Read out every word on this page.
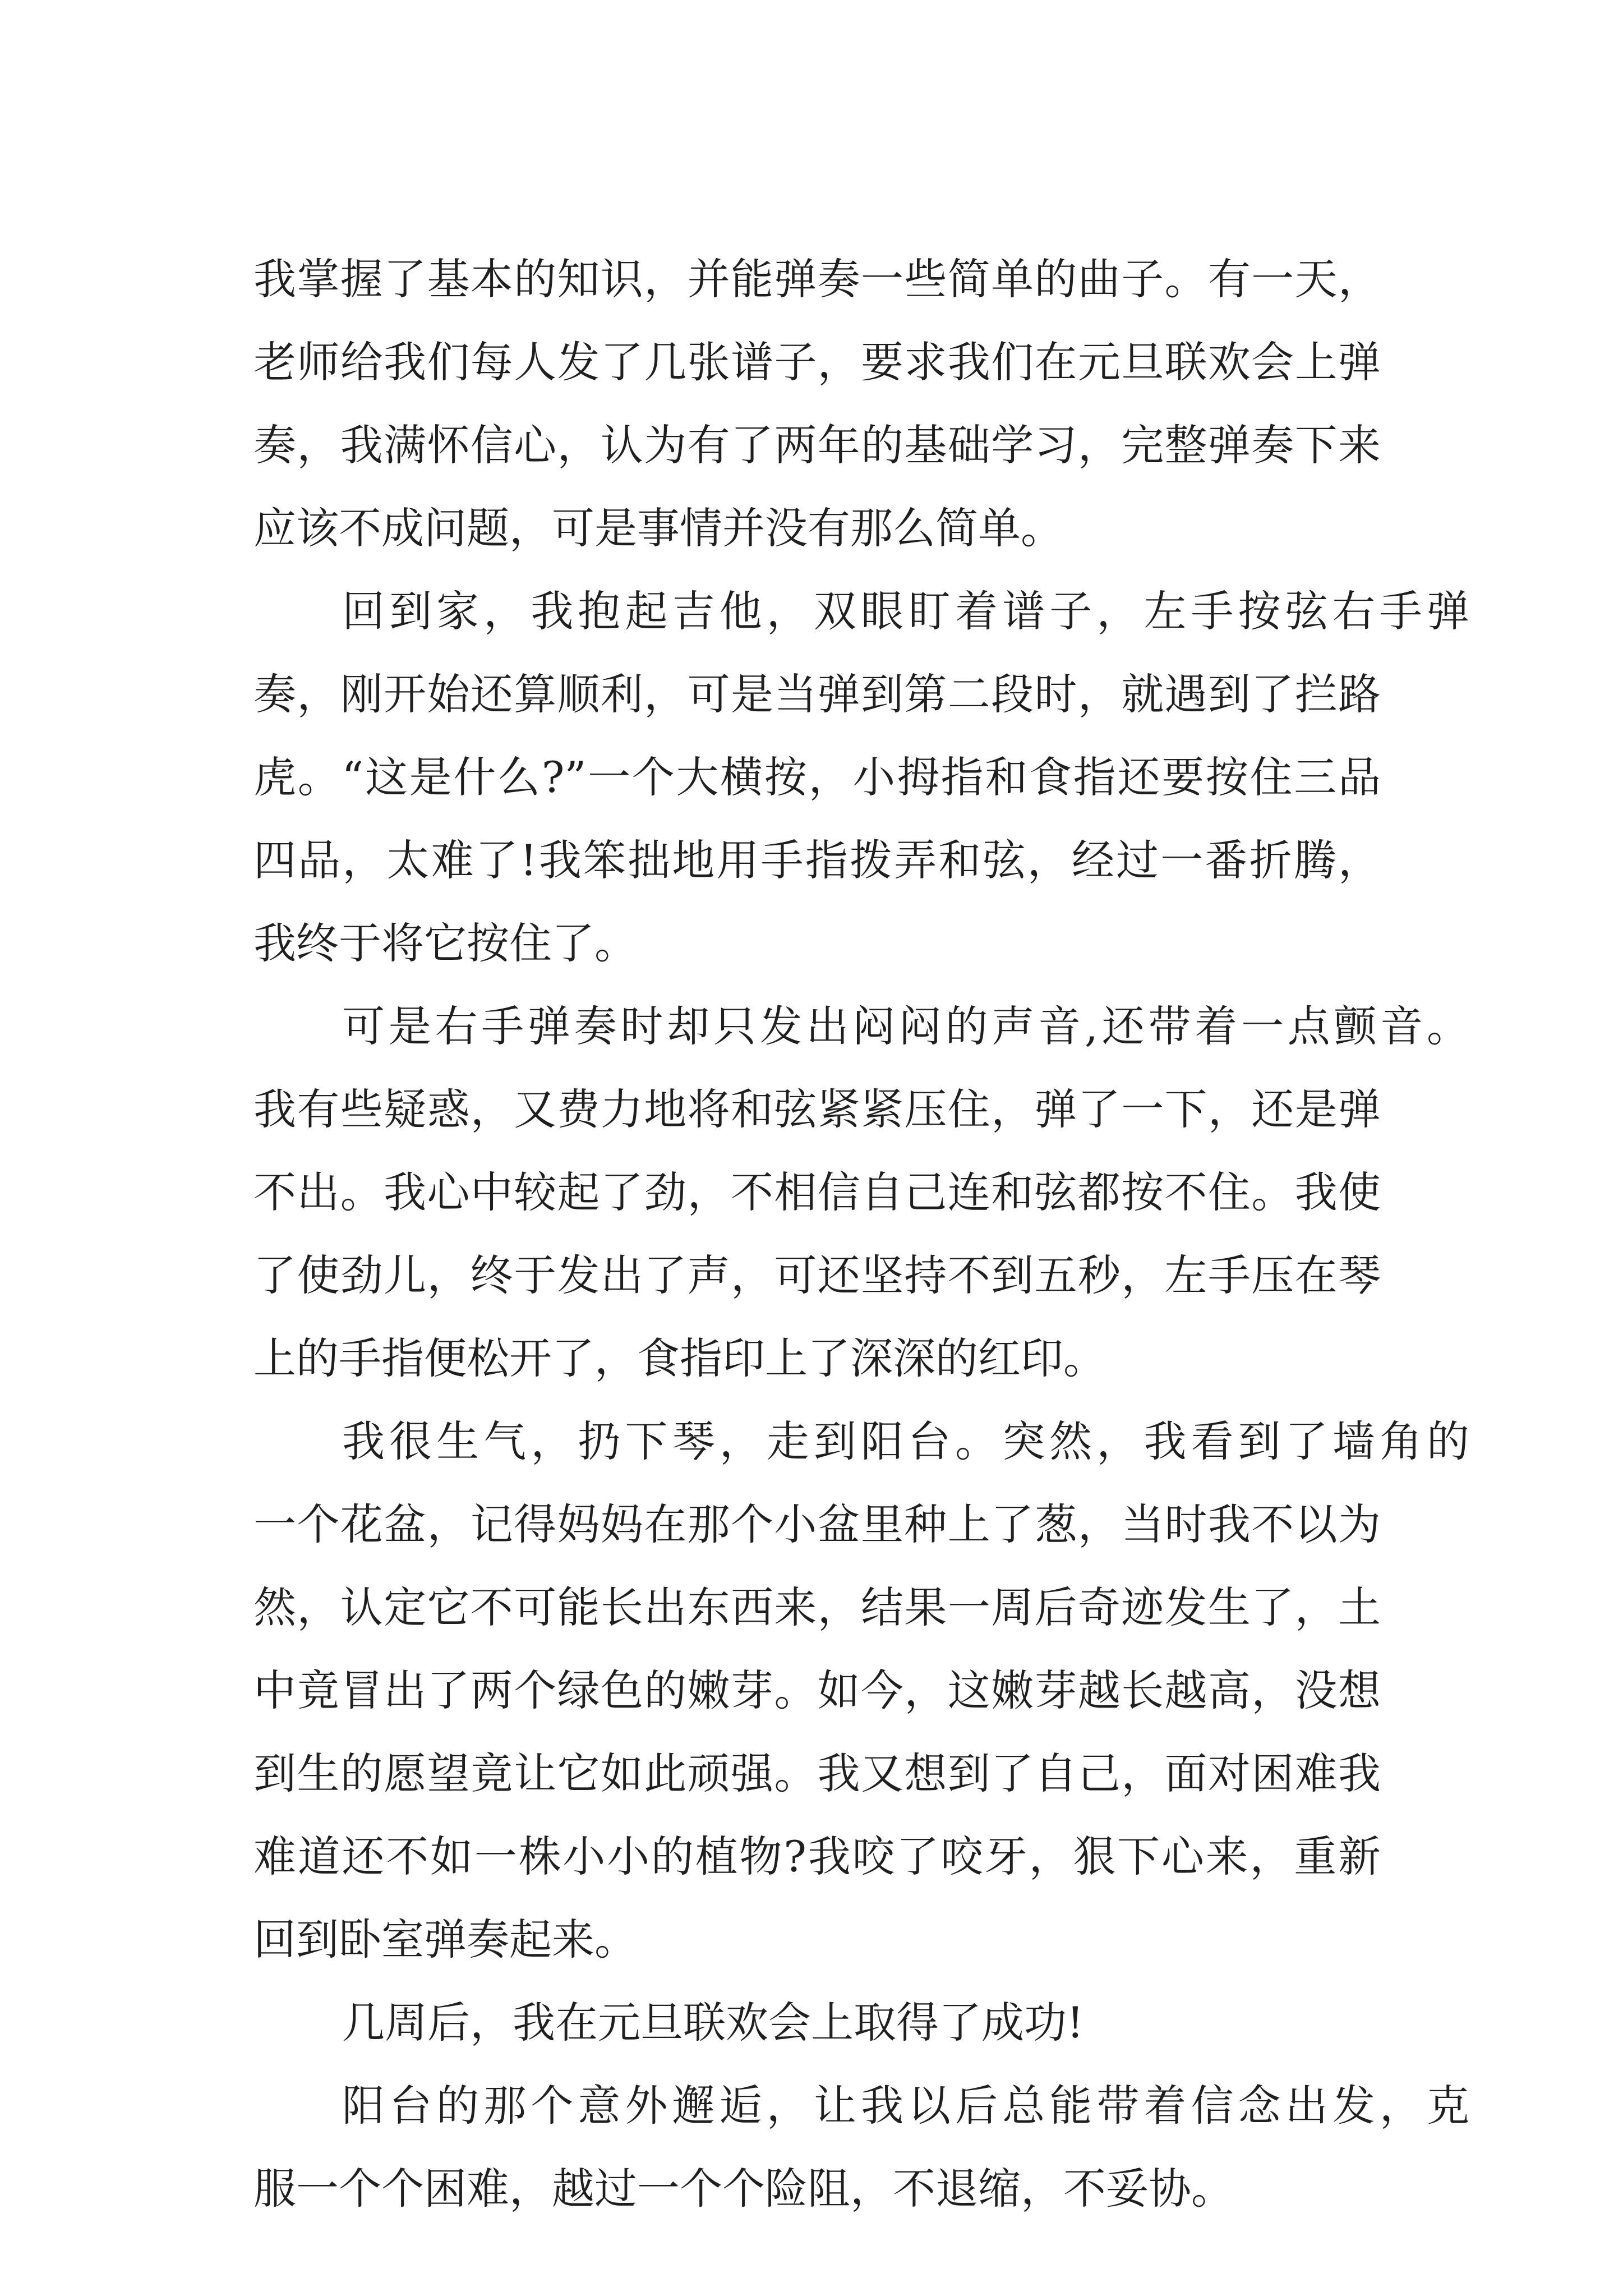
我掌握了基本的知识，并能弹奏一些简单的曲子。有一天，
老师给我们每人发了几张谱子，要求我们在元旦联欢会上弹
奏，我满怀信心，认为有了两年的基础学习，完整弹奏下来
应该不成问题，可是事情并没有那么简单。
回到家，我抱起吉他，双眼盯着谱子，左手按弦右手弹
奏，刚开始还算顺利，可是当弹到第二段时，就遇到了拦路
虎。“这是什么?”一个大横按，小拇指和食指还要按住三品
四品，太难了!我笨拙地用手指拨弄和弦，经过一番折腾，
我终于将它按住了。
可是右手弹奏时却只发出闷闷的声音,还带着一点颤音。
我有些疑惑，又费力地将和弦紧紧压住，弹了一下，还是弹
不出。我心中较起了劲，不相信自己连和弦都按不住。我使
了使劲儿，终于发出了声，可还坚持不到五秒，左手压在琴
上的手指便松开了，食指印上了深深的红印。
我很生气，扔下琴，走到阳台。突然，我看到了墙角的
一个花盆，记得妈妈在那个小盆里种上了葱，当时我不以为
然，认定它不可能长出东西来，结果一周后奇迹发生了，土
中竟冒出了两个绿色的嫩芽。如今，这嫩芽越长越高，没想
到生的愿望竟让它如此顽强。我又想到了自己，面对困难我
难道还不如一株小小的植物?我咬了咬牙，狠下心来，重新
回到卧室弹奏起来。
几周后，我在元旦联欢会上取得了成功!
阳台的那个意外邂逅，让我以后总能带着信念出发，克
服一个个困难，越过一个个险阻，不退缩，不妥协。
